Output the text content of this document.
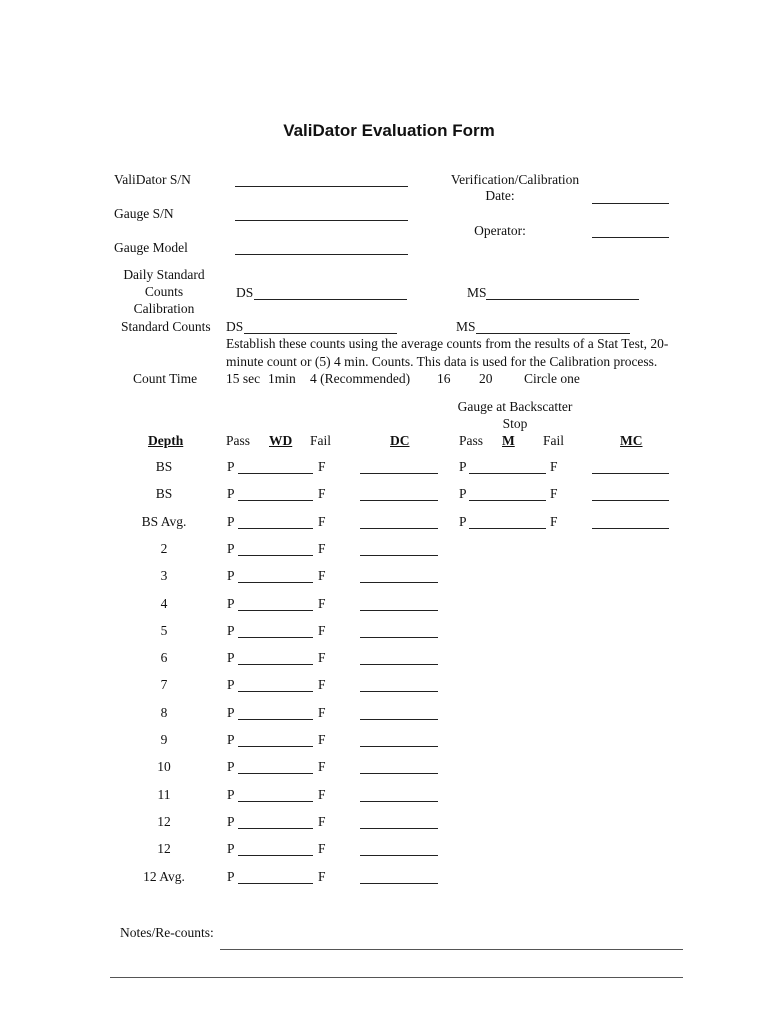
ValiDator Evaluation Form
ValiDator S/N
Gauge S/N
Gauge Model
Verification/Calibration
Date:
Operator:
Daily Standard
Counts	DS	MS
Calibration
Standard Counts DS	MS
Establish these counts using the average counts from the results of a Stat Test, 20-
minute count or (5) 4 min. Counts. This data is used for the Calibration process.
Count Time 15 sec 1min 4 (Recommended) 16 20 Circle one
Gauge at Backscatter
Stop
Depth	Pass WD Fail	DC	Pass M Fail	MC
BS	P	F	P	F
BS	P	F	P	F
BS Avg.	P	F	P	F
2	P	F
3	P	F
4	P	F
5	P	F
6	P	F
7	P	F
8	P	F
9	P	F
10	P	F
11	P	F
12	P	F
12	P	F
12 Avg.	P	F
Notes/Re-counts:
